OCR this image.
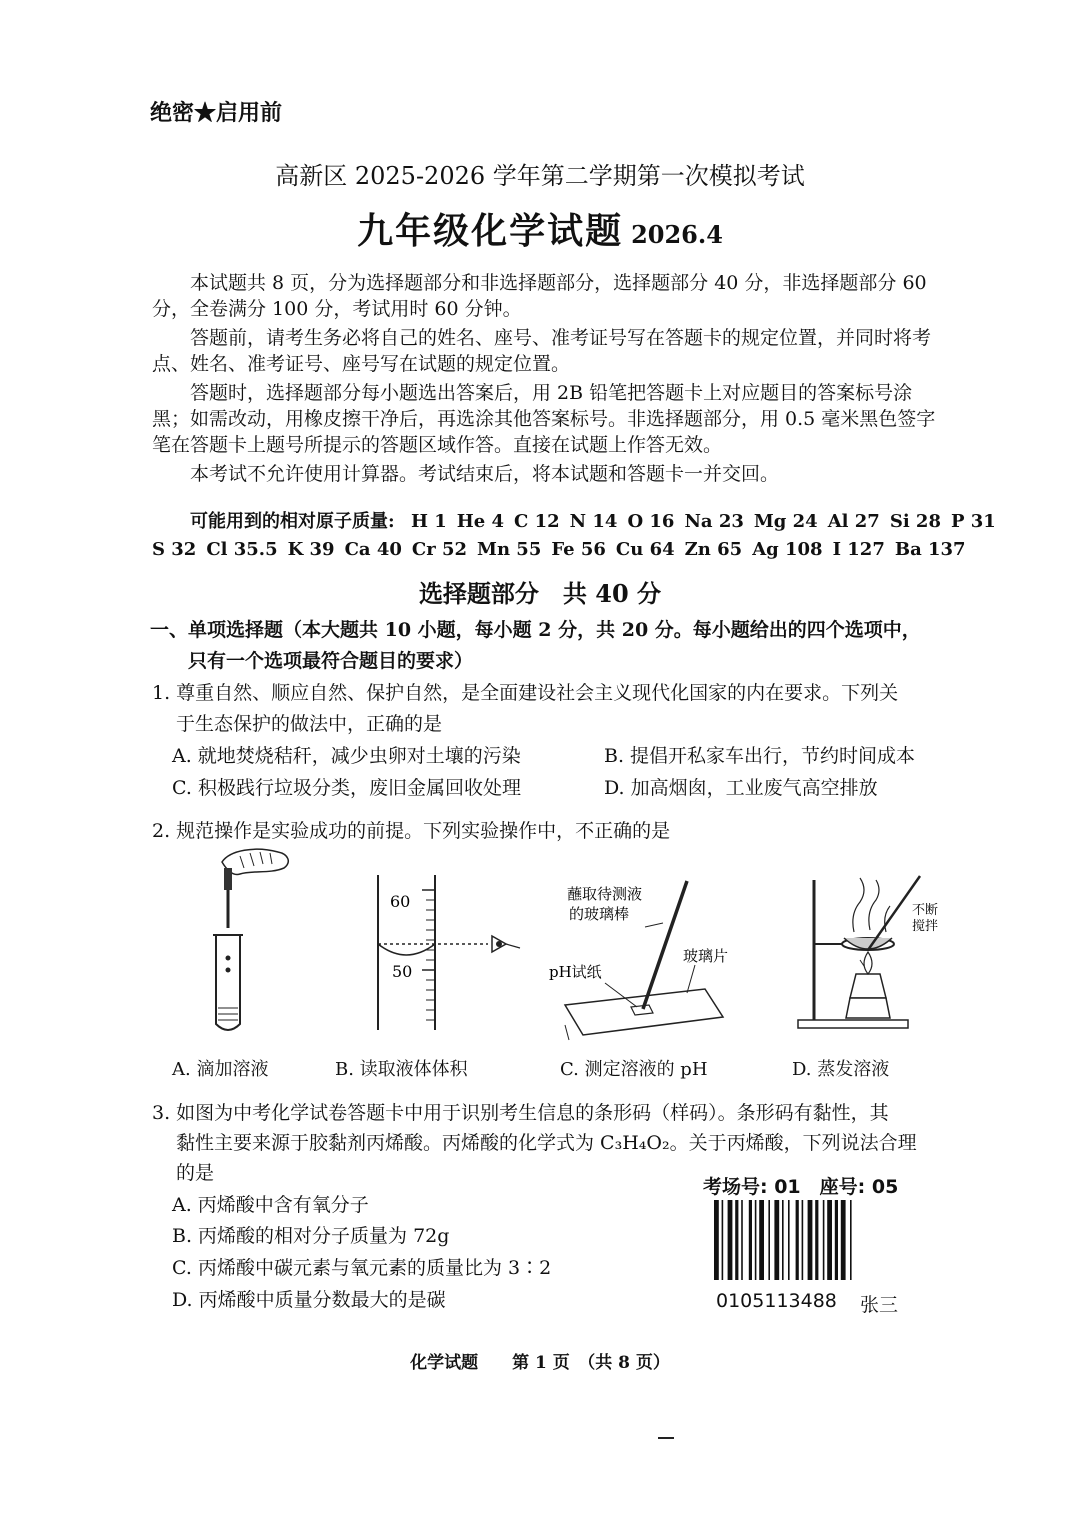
绝密★启用前
高新区 2025-2026 学年第二学期第一次模拟考试
九年级化学试题 2026.4

本试题共 8 页，分为选择题部分和非选择题部分，选择题部分 40 分，非选择题部分 60 分，全卷满分 100 分，考试用时 60 分钟。

答题前，请考生务必将自己的姓名、座号、准考证号写在答题卡的规定位置，并同时将考点、姓名、准考证号、座号写在试题的规定位置。

答题时，选择题部分每小题选出答案后，用 2B 铅笔把答题卡上对应题目的答案标号涂黑；如需改动，用橡皮擦干净后，再选涂其他答案标号。非选择题部分，用 0.5 毫米黑色签字笔在答题卡上题号所提示的答题区域作答。直接在试题上作答无效。

本考试不允许使用计算器。考试结束后，将本试题和答题卡一并交回。

可能用到的相对原子质量: H 1 He 4 C 12 N 14 O 16 Na 23 Mg 24 Al 27 Si 28 P 31
S 32 Cl 35.5 K 39 Ca 40 Cr 52 Mn 55 Fe 56 Cu 64 Zn 65 Ag 108 I 127 Ba 137
选择题部分　共 40 分
一、单项选择题（本大题共 10 小题，每小题 2 分，共 20 分。每小题给出的四个选项中，
只有一个选项最符合题目的要求）
1. 尊重自然、顺应自然、保护自然，是全面建设社会主义现代化国家的内在要求。下列关
于生态保护的做法中，正确的是
A. 就地焚烧秸秆，减少虫卵对土壤的污染	B. 提倡开私家车出行，节约时间成本
C. 积极践行垃圾分类，废旧金属回收处理	D. 加高烟囱，工业废气高空排放
2. 规范操作是实验成功的前提。下列实验操作中，不正确的是
60
50
蘸取待测液
的玻璃棒
玻璃片
pH试纸
不断
搅拌
A. 滴加溶液	B. 读取液体体积	C. 测定溶液的 pH	D. 蒸发溶液
3. 如图为中考化学试卷答题卡中用于识别考生信息的条形码（样码）。条形码有黏性，其
黏性主要来源于胶黏剂丙烯酸。丙烯酸的化学式为 C₃H₄O₂。关于丙烯酸，下列说法合理
的是
A. 丙烯酸中含有氧分子
B. 丙烯酸的相对分子质量为 72g
C. 丙烯酸中碳元素与氧元素的质量比为 3∶2
D. 丙烯酸中质量分数最大的是碳
考场号: 01　座号: 05
0105113488 张三
化学试题　　第 1 页　（共 8 页）
